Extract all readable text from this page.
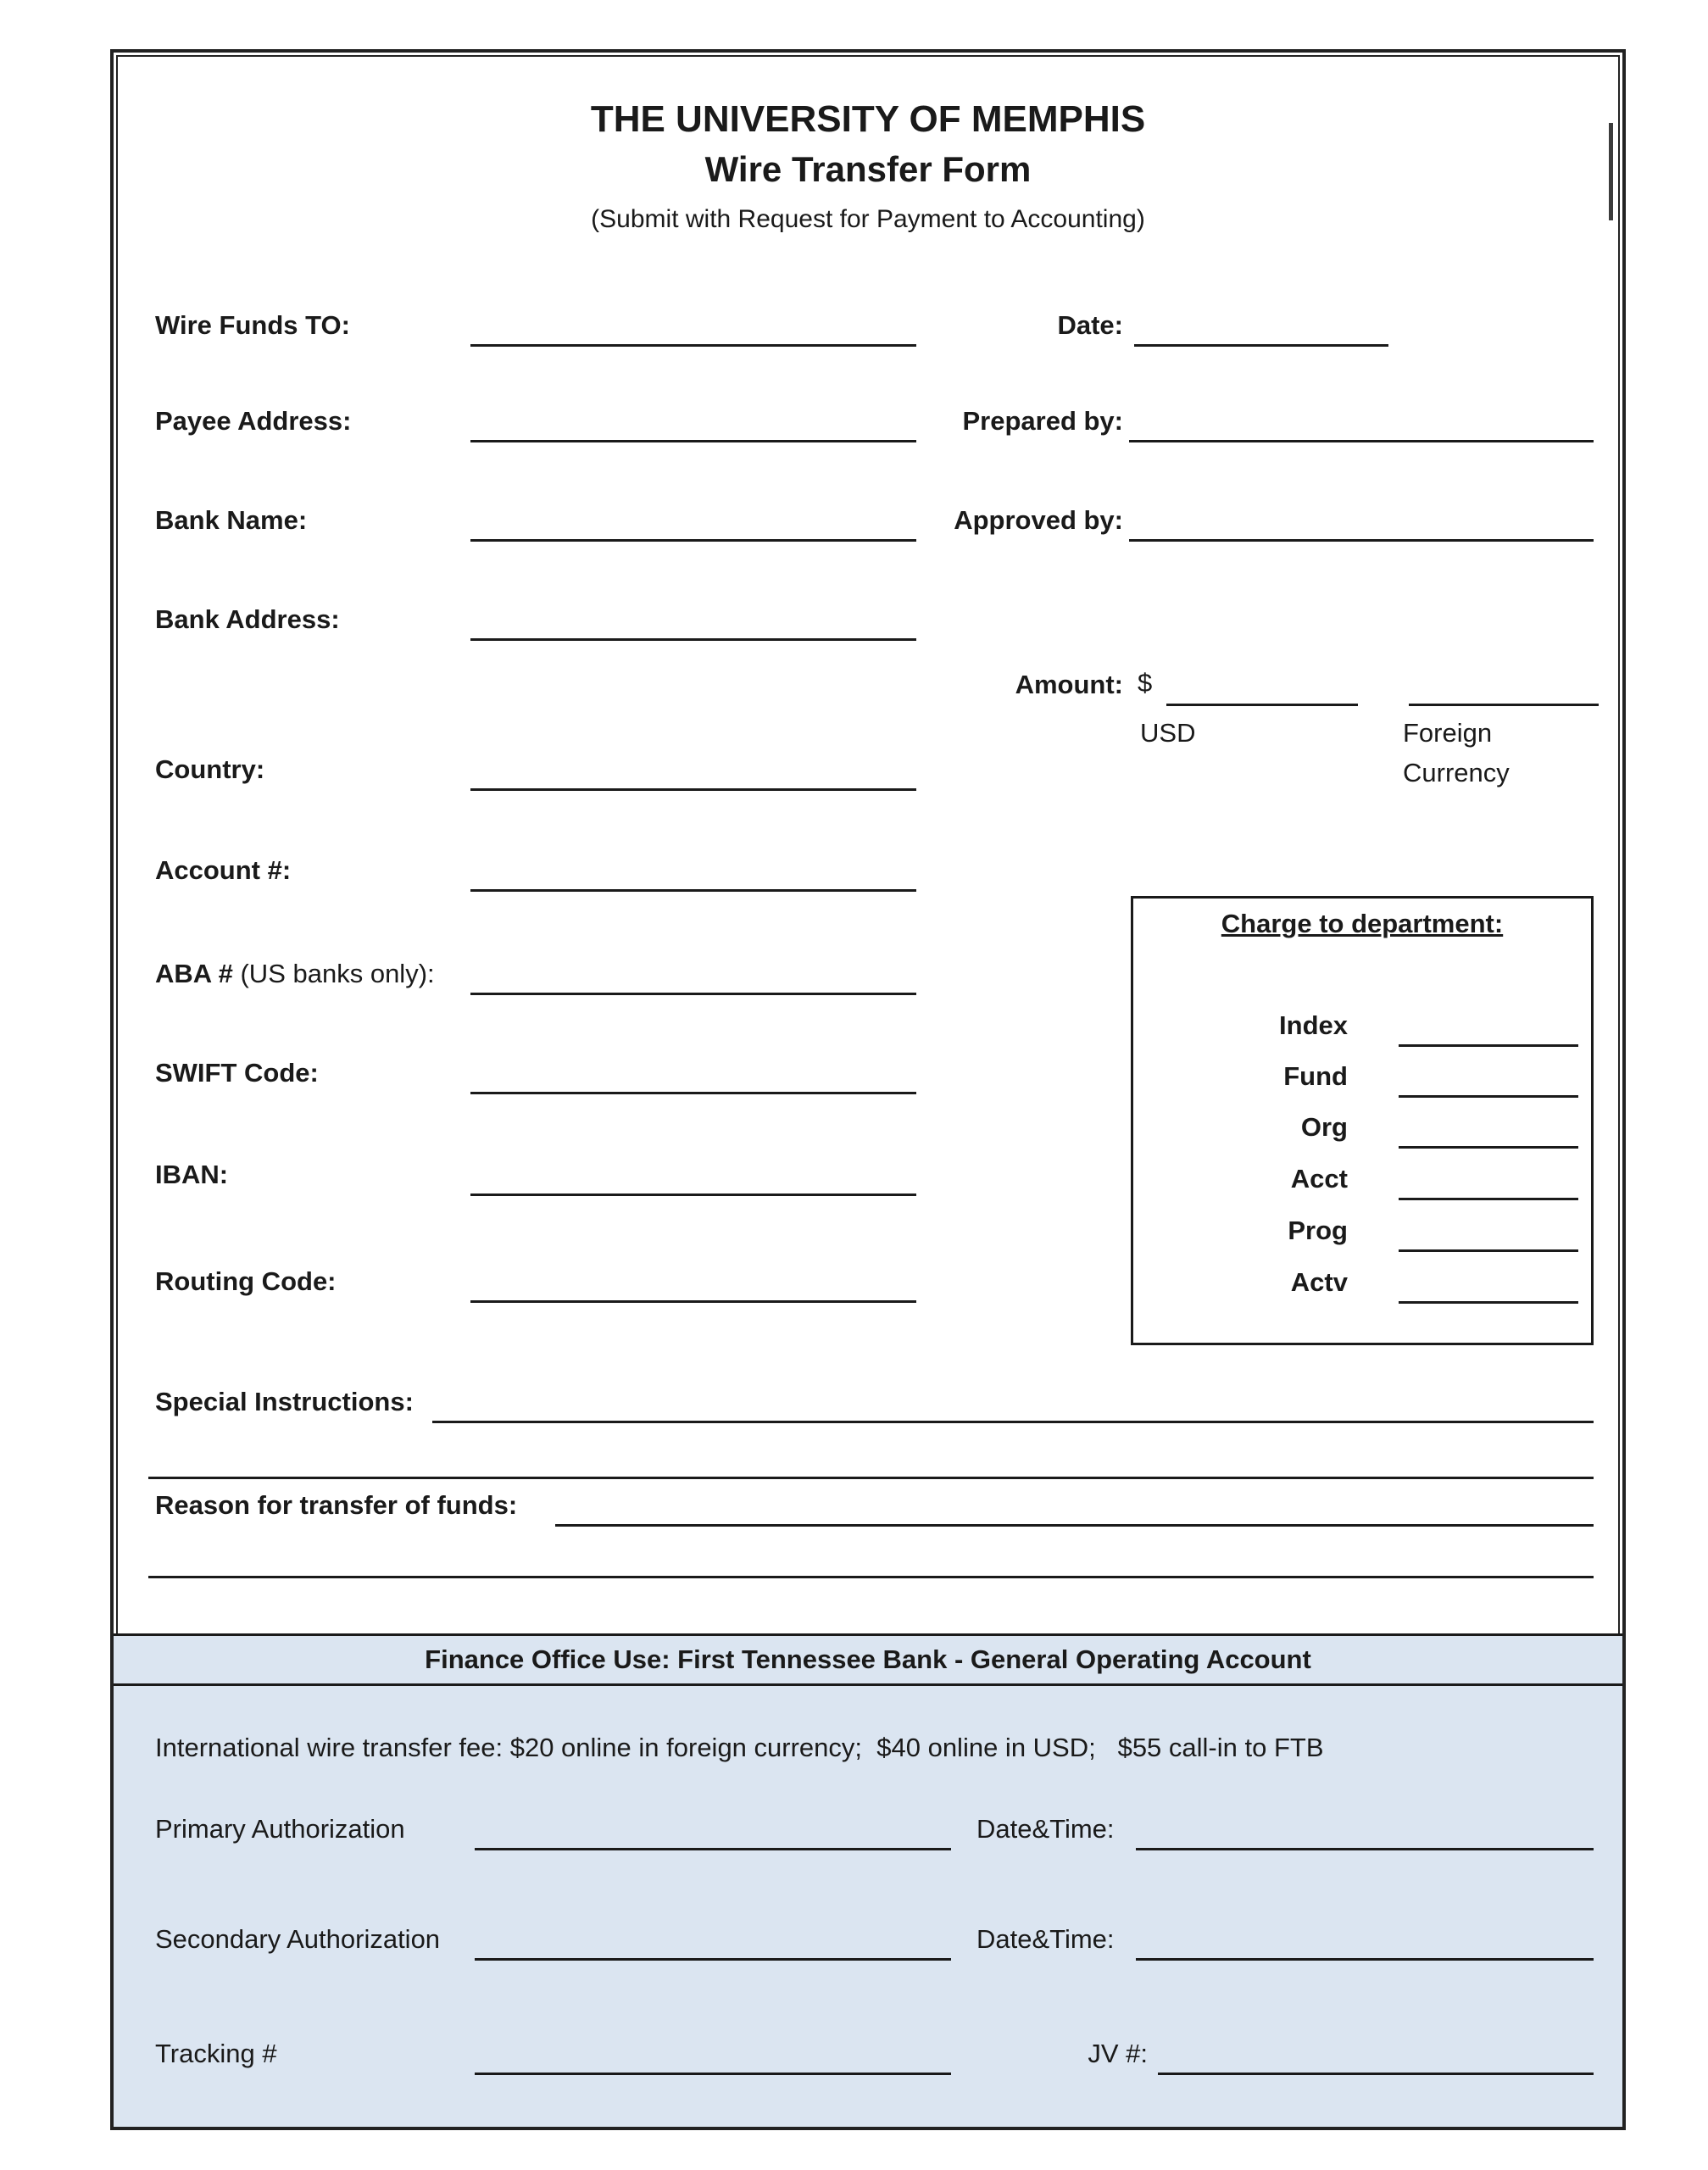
THE UNIVERSITY OF MEMPHIS
Wire Transfer Form
(Submit with Request for Payment to Accounting)
Wire Funds TO:
Payee Address:
Bank Name:
Bank Address:
Country:
Account #:
ABA # (US banks only):
SWIFT Code:
IBAN:
Routing Code:
Date:
Prepared by:
Approved by:
Amount: $
USD	Foreign
Currency
Charge to department:
Index
Fund
Org
Acct
Prog
Actv
Special Instructions:
Reason for transfer of funds:
Finance Office Use: First Tennessee Bank - General Operating Account
International wire transfer fee: $20 online in foreign currency;  $40 online in USD;   $55 call-in to FTB
Primary Authorization	Date&Time:
Secondary Authorization	Date&Time:
Tracking #	JV #:
